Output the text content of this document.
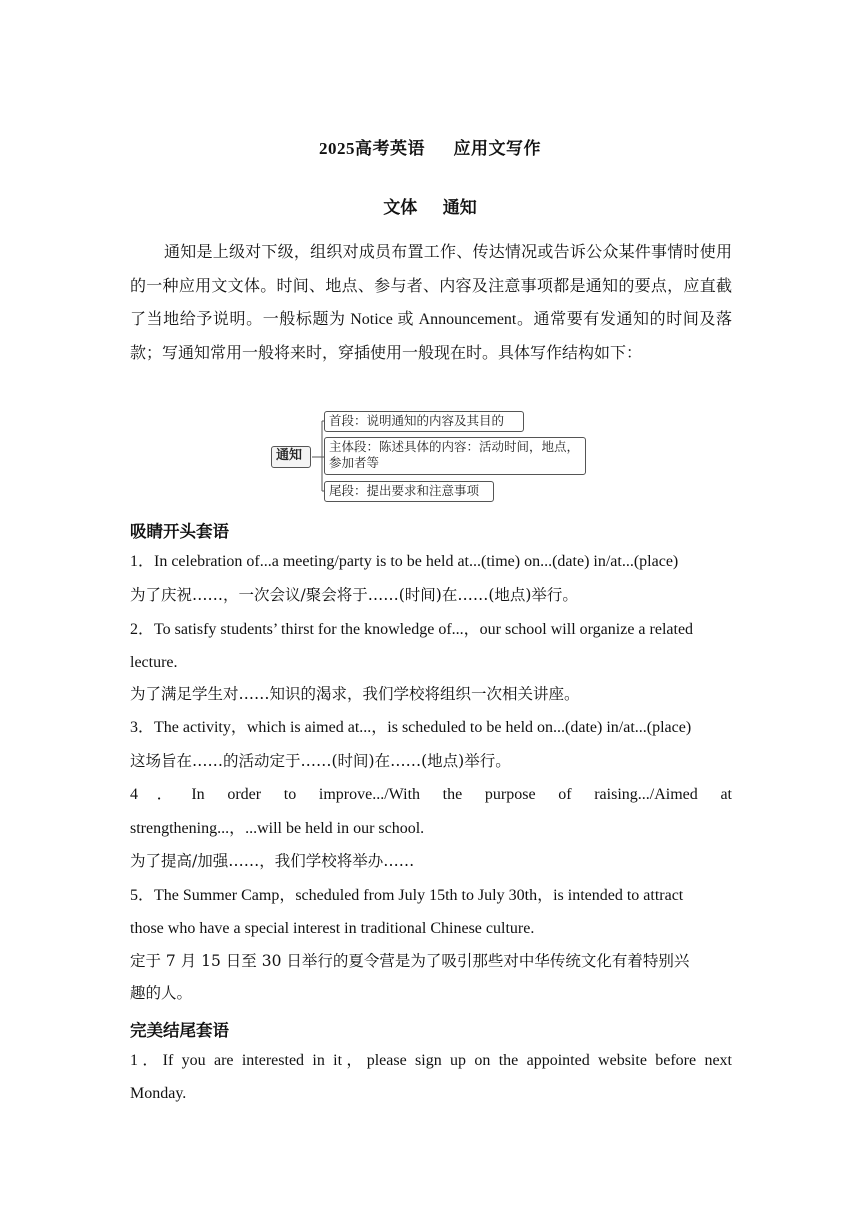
2025高考英语      应用文写作
文体      通知
通知是上级对下级，组织对成员布置工作、传达情况或告诉公众某件事情时使用的一种应用文文体。时间、地点、参与者、内容及注意事项都是通知的要点，应直截了当地给予说明。一般标题为 Notice 或 Announcement。通常要有发通知的时间及落款；写通知常用一般将来时，穿插使用一般现在时。具体写作结构如下：
通知
首段：说明通知的内容及其目的
主体段：陈述具体的内容：活动时间，地点，参加者等
尾段：提出要求和注意事项
吸睛开头套语
1．In celebration of...a meeting/party is to be held at...(time) on...(date) in/at...(place)
为了庆祝……，一次会议/聚会将于……(时间)在……(地点)举行。
2．To satisfy students’ thirst for the knowledge of...，our school will organize a related
lecture.
为了满足学生对……知识的渴求，我们学校将组织一次相关讲座。
3．The activity，which is aimed at...，is scheduled to be held on...(date) in/at...(place)
这场旨在……的活动定于……(时间)在……(地点)举行。
4．In order to improve.../With the purpose of raising.../Aimed at
strengthening...，...will be held in our school.
为了提高/加强……，我们学校将举办……
5．The Summer Camp，scheduled from July 15th to July 30th，is intended to attract
those who have a special interest in traditional Chinese culture.
定于 7 月 15 日至 30 日举行的夏令营是为了吸引那些对中华传统文化有着特别兴
趣的人。
完美结尾套语
1．If you are interested in it，please sign up on the appointed website before next
Monday.
